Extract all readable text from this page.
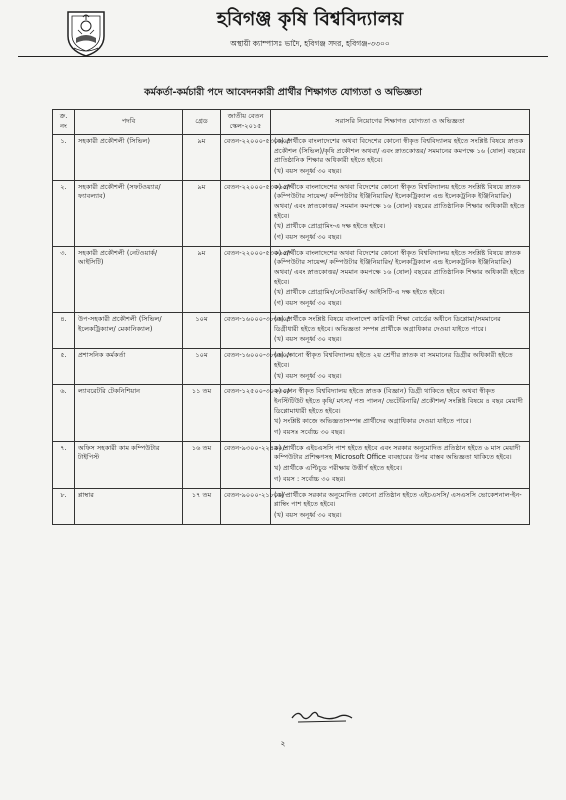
হবিগঞ্জ কৃষি বিশ্ববিদ্যালয়
অস্থায়ী ক্যাম্পাসঃ ভাদৈ, হবিগঞ্জ সদর, হবিগঞ্জ-৩৩০০
কর্মকর্তা-কর্মচারী পদে আবেদনকারী প্রার্থীর শিক্ষাগত যোগ্যতা ও অভিজ্ঞতা
ক্র. নং	পদবি	গ্রেড	জাতীয় বেতন স্কেল-২০১৫	সরাসরি নিয়োগের শিক্ষাগত যোগ্যতা ও অভিজ্ঞতা
১.	সহকারী প্রকৌশলী (সিভিল)	৯ম	বেতন-২২০০০-৫৩০৬০/-	(ক) প্রার্থীকে বাংলাদেশের অথবা বিদেশের কোনো স্বীকৃত বিশ্ববিদ্যালয় হইতে সংশ্লিষ্ট বিষয়ে স্নাতক প্রকৌশল (সিভিল)/কৃষি প্রকৌশল অথবা/ এবং স্নাতকোত্তর/ সমমানের কমপক্ষে ১৬ (ষোল) বছরের প্রাতিষ্ঠানিক শিক্ষার অধিকারী হইতে হইবে।
(খ) বয়স অনূর্ধ্ব ৩০ বছর।

২.	সহকারী প্রকৌশলী (সফটওয়্যার/ ফ্যাবল্যাব)	৯ম	বেতন-২২০০০-৫৩০৬০/-	ক) প্রার্থীকে বাংলাদেশের অথবা বিদেশের কোনো স্বীকৃত বিশ্ববিদ্যালয় হইতে সংশ্লিষ্ট বিষয়ে স্নাতক (কম্পিউটার সায়েন্স/ কম্পিউটার ইঞ্জিনিয়ারিং/ ইলেকট্রিক্যাল এন্ড ইলেকট্রনিক ইঞ্জিনিয়ারিং) অথবা/ এবং স্নাতকোত্তর/ সমমান কমপক্ষে ১৬ (ষোল) বছরের প্রাতিষ্ঠানিক শিক্ষার অধিকারী হইতে হইবে।
(খ) প্রার্থীকে প্রোগ্রামিং-এ দক্ষ হইতে হইবে।
(গ) বয়স অনূর্ধ্ব ৩০ বছর।

৩.	সহকারী প্রকৌশলী (নেটওয়ার্ক/ আইসিটি)	৯ম	বেতন-২২০০০-৫৩০৬০/-	ক) প্রার্থীকে বাংলাদেশের অথবা বিদেশের কোনো স্বীকৃত বিশ্ববিদ্যালয় হইতে সংশ্লিষ্ট বিষয়ে স্নাতক (কম্পিউটার সায়েন্স/ কম্পিউটার ইঞ্জিনিয়ারিং/ ইলেকট্রিক্যাল এন্ড ইলেকট্রনিক ইঞ্জিনিয়ারিং) অথবা/ এবং স্নাতকোত্তর/ সমমান কমপক্ষে ১৬ (ষোল) বছরের প্রাতিষ্ঠানিক শিক্ষার অধিকারী হইতে হইবে।
(খ) প্রার্থীকে প্রোগ্রামিং/নেটওয়ার্কিং/ আইসিটি-এ দক্ষ হইতে হইবে।
(গ) বয়স অনূর্ধ্ব ৩০ বছর।

৪.	উপ-সহকারী প্রকৌশলী (সিভিল/ ইলেকট্রিক্যাল/ মেকানিক্যাল)	১০ম	বেতন-১৬০০০-৩৮৬৪০/-	(ক) প্রার্থীকে সংশ্লিষ্ট বিষয়ে বাংলাদেশ কারিগরী শিক্ষা বোর্ডের অধীনে ডিপ্লোমা/সমমানের ডিগ্রীধারী হইতে হইবে। অভিজ্ঞতা সম্পন্ন প্রার্থীকে অগ্রাধিকার দেওয়া যাইতে পারে।
(খ) বয়স অনূর্ধ্ব ৩০ বছর।

৫.	প্রশাসনিক কর্মকর্তা	১০ম	বেতন-১৬০০০-৩৮৬৪০/-	(ক) কোনো স্বীকৃত বিশ্ববিদ্যালয় হইতে ২য় শ্রেণীর স্নাতক বা সমমানের ডিগ্রীর অধিকারী হইতে হইবে।
(খ) বয়স অনূর্ধ্ব ৩০ বছর।

৬.	ল্যাবরেটরি টেকনিশিয়ান	১১ তম	বেতন-১২৫০০-৩০২৩০/-	ক) কোন স্বীকৃত বিশ্ববিদ্যালয় হইতে স্নাতক (বিজ্ঞান) ডিগ্রী থাকিতে হইবে অথবা স্বীকৃত ইনস্টিটিউট হইতে কৃষি/ মৎস্য/ পশু পালন/ ভেটেরিনারি/ প্রকৌশল/ সংশ্লিষ্ট বিষয়ে ৪ বছর মেয়াদী ডিপ্লোমাধারী হইতে হইবে।
খ) সংশ্লিষ্ট কাজে অভিজ্ঞতাসম্পন্ন প্রার্থীদের অগ্রাধিকার দেওয়া যাইতে পারে।
গ) বয়সঃ সর্বোচ্চ ৩০ বছর।

৭.	অফিস সহকারী কাম কম্পিউটার টাইপিস্ট	১৬ তম	বেতন-৯৩০০-২২৪৯০/-	ক) প্রার্থীকে এইচএসসি পাশ হইতে হইবে এবং সরকার অনুমোদিত প্রতিষ্ঠান হইতে ৬ মাস মেয়াদী কম্পিউটার প্রশিক্ষণসহ Microsoft Office ব্যবহারের উপর বাস্তব অভিজ্ঞতা থাকিতে হইবে।
খ) প্রার্থীকে এপ্টিচুড পরীক্ষায় উত্তীর্ণ হইতে হইবে।
গ) বয়স : সর্বোচ্চ ৩০ বছর।

৮.	প্লাম্বার	১৭ তম	বেতন-৯০০০-২১৮০০/-	(ক) প্রার্থীকে সরকার অনুমোদিত কোনো প্রতিষ্ঠান হইতে এইচএসসি/ এসএসসি ভোকেশনাল-ইন-প্লাম্বিং পাশ হইতে হইবে।
(খ) বয়স অনূর্ধ্ব ৩০ বছর।
২
